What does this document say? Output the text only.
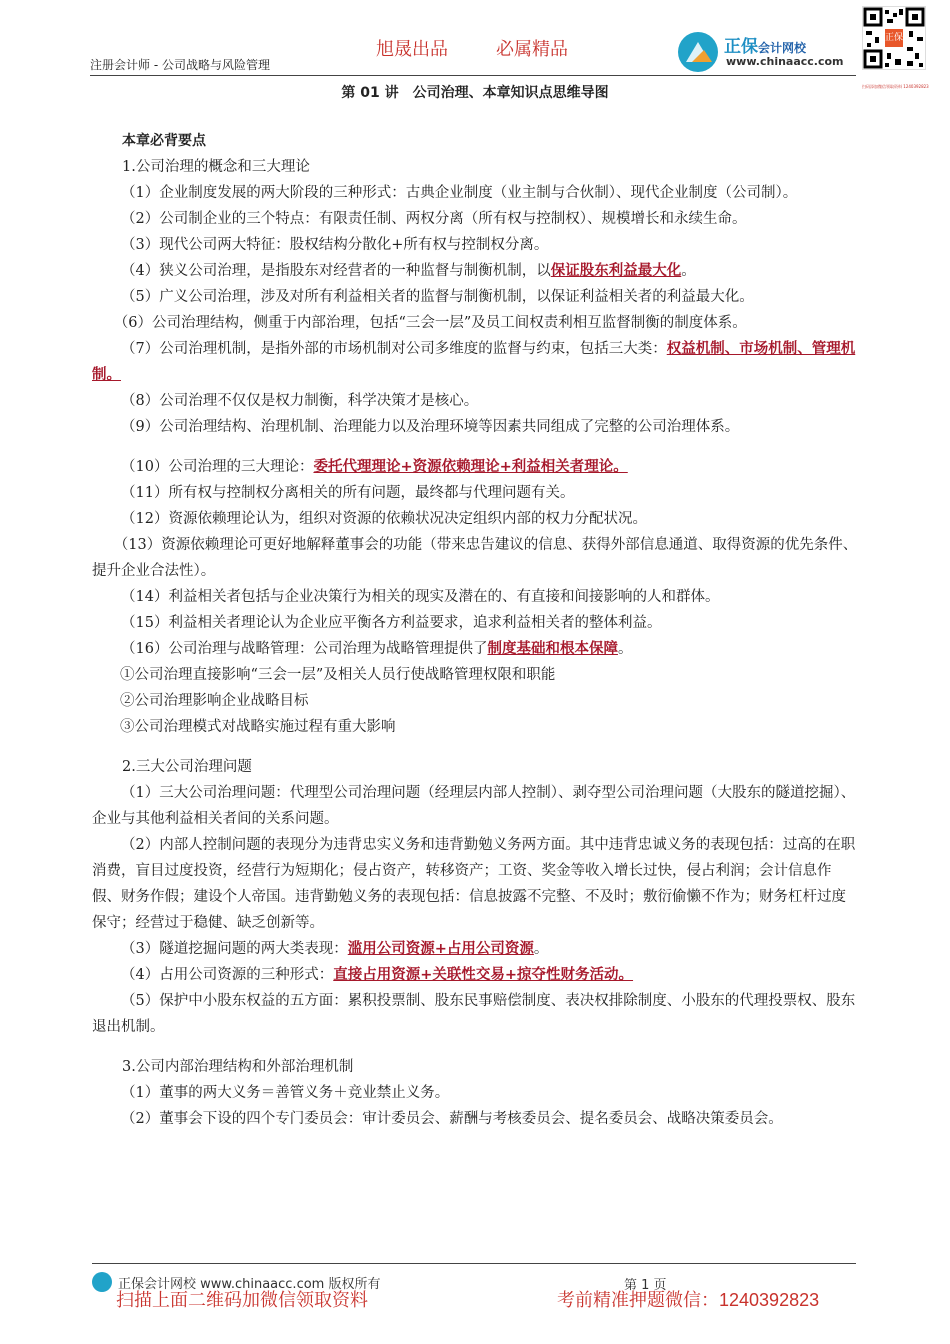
旭晟出品	必属精品
注册会计师 - 公司战略与风险管理
正保会计网校
www.chinaacc.com
正保
扫码添加微信领取资料 1240392823
第 01 讲　公司治理、本章知识点思维导图

本章必背要点

1.公司治理的概念和三大理论

（1）企业制度发展的两大阶段的三种形式：古典企业制度（业主制与合伙制）、现代企业制度（公司制）。

（2）公司制企业的三个特点：有限责任制、两权分离（所有权与控制权）、规模增长和永续生命。

（3）现代公司两大特征：股权结构分散化+所有权与控制权分离。

（4）狭义公司治理，是指股东对经营者的一种监督与制衡机制，以保证股东利益最大化。

（5）广义公司治理，涉及对所有利益相关者的监督与制衡机制，以保证利益相关者的利益最大化。

（6）公司治理结构，侧重于内部治理，包括“三会一层”及员工间权责利相互监督制衡的制度体系。

（7）公司治理机制，是指外部的市场机制对公司多维度的监督与约束，包括三大类：权益机制、市场机制、管理机制。

（8）公司治理不仅仅是权力制衡，科学决策才是核心。

（9）公司治理结构、治理机制、治理能力以及治理环境等因素共同组成了完整的公司治理体系。

（10）公司治理的三大理论：委托代理理论+资源依赖理论+利益相关者理论。

（11）所有权与控制权分离相关的所有问题，最终都与代理问题有关。

（12）资源依赖理论认为，组织对资源的依赖状况决定组织内部的权力分配状况。

（13）资源依赖理论可更好地解释董事会的功能（带来忠告建议的信息、获得外部信息通道、取得资源的优先条件、提升企业合法性）。

（14）利益相关者包括与企业决策行为相关的现实及潜在的、有直接和间接影响的人和群体。

（15）利益相关者理论认为企业应平衡各方利益要求，追求利益相关者的整体利益。

（16）公司治理与战略管理：公司治理为战略管理提供了制度基础和根本保障。

①公司治理直接影响“三会一层”及相关人员行使战略管理权限和职能

②公司治理影响企业战略目标

③公司治理模式对战略实施过程有重大影响

2.三大公司治理问题

（1）三大公司治理问题：代理型公司治理问题（经理层内部人控制）、剥夺型公司治理问题（大股东的隧道挖掘）、企业与其他利益相关者间的关系问题。

（2）内部人控制问题的表现分为违背忠实义务和违背勤勉义务两方面。其中违背忠诚义务的表现包括：过高的在职消费，盲目过度投资，经营行为短期化；侵占资产，转移资产；工资、奖金等收入增长过快，侵占利润；会计信息作假、财务作假；建设个人帝国。违背勤勉义务的表现包括：信息披露不完整、不及时；敷衍偷懒不作为；财务杠杆过度保守；经营过于稳健、缺乏创新等。

（3）隧道挖掘问题的两大类表现：滥用公司资源+占用公司资源。

（4）占用公司资源的三种形式：直接占用资源+关联性交易+掠夺性财务活动。

（5）保护中小股东权益的五方面：累积投票制、股东民事赔偿制度、表决权排除制度、小股东的代理投票权、股东退出机制。

3.公司内部治理结构和外部治理机制

（1）董事的两大义务＝善管义务＋竞业禁止义务。

（2）董事会下设的四个专门委员会：审计委员会、薪酬与考核委员会、提名委员会、战略决策委员会。

正保会计网校 www.chinaacc.com 版权所有	第 1 页
扫描上面二维码加微信领取资料	考前精准押题微信：1240392823
